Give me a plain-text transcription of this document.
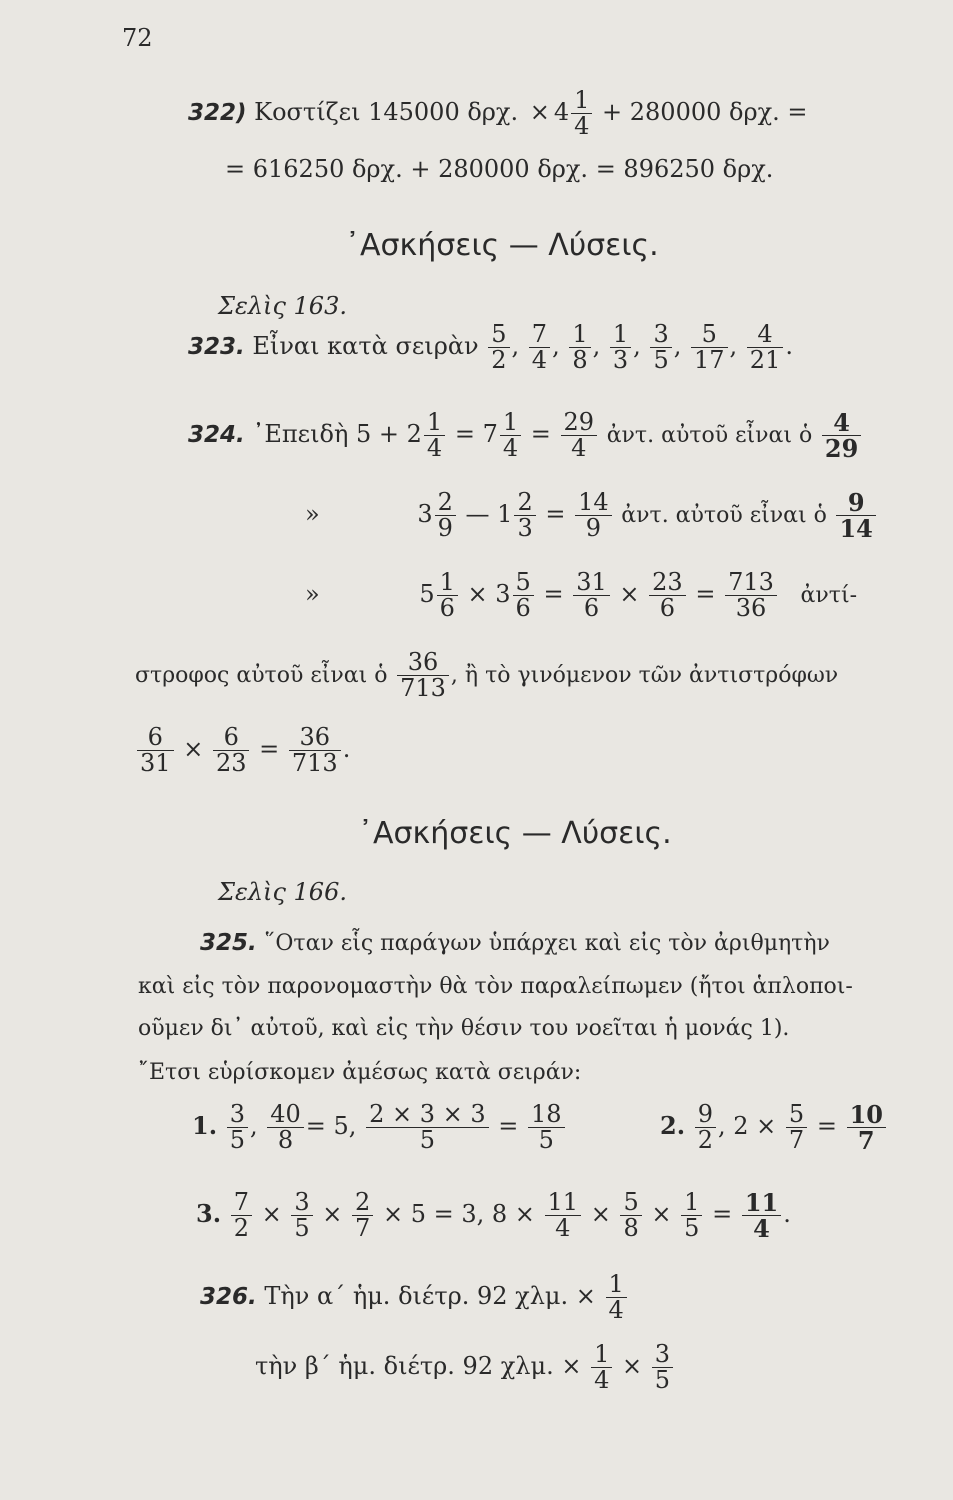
72
322) Κοστίζει 145000 δρχ. × $4 \frac{1}{4} + 280000$ δρχ. =
= 616250 δρχ. + 280000 δρχ. = 896250 δρχ.
᾿Ασκήσεις — Λύσεις.
Σελὶς 163.
323. Εἶναι κατὰ σειρὰν $\frac{5}{2}$ , $\frac{7}{4}$ , $\frac{1}{8}$ , $\frac{1}{3}$ , $\frac{3}{5}$ , $\frac{5}{17}$ , $\frac{4}{21}$ .
324. ᾿Επειδὴ $5 + 2 \frac{1}{4} = 7 \frac{1}{4} = \frac{29}{4}$ ἀντ. αὐτοῦ εἶναι ὁ $\frac{4}{29}$
»	$3 \frac{2}{9}$ — $1 \frac{2}{3} = \frac{14}{9}$ ἀντ. αὐτοῦ εἶναι ὁ $\frac{9}{14}$
»	$5 \frac{1}{6} \times 3 \frac{5}{6} = \frac{31}{6} \times \frac{23}{6} = \frac{713}{36}$ ἀντί-
στροφος αὐτοῦ εἶναι ὁ $\frac{36}{713}$ , ἢ τὸ γινόμενον τῶν ἀντιστρόφων
$\frac{6}{31} \times \frac{6}{23} = \frac{36}{713}$ .
᾿Ασκήσεις — Λύσεις.
Σελὶς 166.
325. ῞Οταν εἷς παράγων ὑπάρχει καὶ εἰς τὸν ἀριθμητὴν
καὶ εἰς τὸν παρονομαστὴν θὰ τὸν παραλείπωμεν (ἤτοι ἁπλοποι-
οῦμεν δι᾿ αὐτοῦ, καὶ εἰς τὴν θέσιν του νοεῖται ἡ μονάς 1).
῎Ετσι εὑρίσκομεν ἀμέσως κατὰ σειράν:
1. $\frac{3}{5}$ , $\frac{40}{8} = 5$, $\frac{2 \times 3 \times 3}{5} = \frac{18}{5}$	2. $\frac{9}{2}$ , $2 \times \frac{5}{7} = \frac{10}{7}$
3. $\frac{7}{2} \times \frac{3}{5} \times \frac{2}{7} \times 5 = 3$, $8 \times \frac{11}{4} \times \frac{5}{8} \times \frac{1}{5} = \frac{11}{4}$ .
326. Τὴν α΄ ἡμ. διέτρ. 92 χλμ. × $\frac{1}{4}$
τὴν β΄ ἡμ. διέτρ. 92 χλμ. × $\frac{1}{4} \times \frac{3}{5}$
